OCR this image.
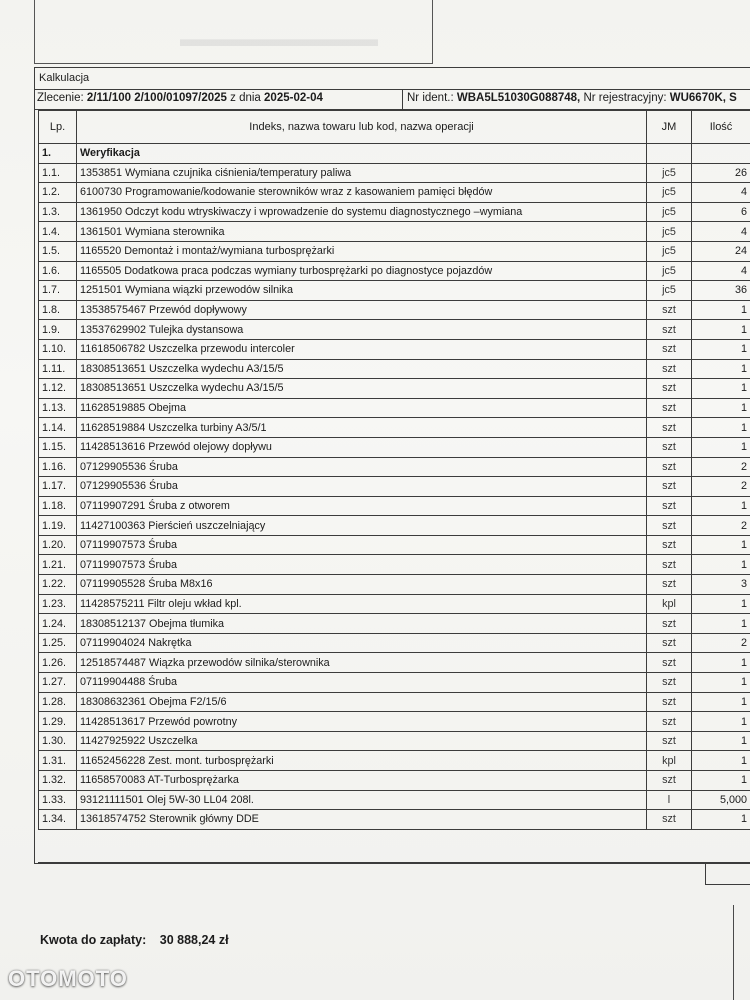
▬▬▬▬▬▬▬▬▬
Kalkulacja
Zlecenie: 2/11/100 2/100/01097/2025 z dnia 2025-02-04	Nr ident.: WBA5L51030G088748, Nr rejestracyjny: WU6670K, S
Lp.	Indeks, nazwa towaru lub kod, nazwa operacji	JM	Ilość
1.	Weryfikacja		
1.1.	1353851 Wymiana czujnika ciśnienia/temperatury paliwa	jc5	26
1.2.	6100730 Programowanie/kodowanie sterowników wraz z kasowaniem pamięci błędów	jc5	4
1.3.	1361950 Odczyt kodu wtryskiwaczy i wprowadzenie do systemu diagnostycznego –wymiana	jc5	6
1.4.	1361501 Wymiana sterownika	jc5	4
1.5.	1165520 Demontaż i montaż/wymiana turbosprężarki	jc5	24
1.6.	1165505 Dodatkowa praca podczas wymiany turbosprężarki po diagnostyce pojazdów	jc5	4
1.7.	1251501 Wymiana wiązki przewodów silnika	jc5	36
1.8.	13538575467 Przewód dopływowy	szt	1
1.9.	13537629902 Tulejka dystansowa	szt	1
1.10.	11618506782 Uszczelka przewodu intercoler	szt	1
1.11.	18308513651 Uszczelka wydechu A3/15/5	szt	1
1.12.	18308513651 Uszczelka wydechu A3/15/5	szt	1
1.13.	11628519885 Obejma	szt	1
1.14.	11628519884 Uszczelka turbiny A3/5/1	szt	1
1.15.	11428513616 Przewód olejowy dopływu	szt	1
1.16.	07129905536 Śruba	szt	2
1.17.	07129905536 Śruba	szt	2
1.18.	07119907291 Śruba z otworem	szt	1
1.19.	11427100363 Pierścień uszczelniający	szt	2
1.20.	07119907573 Śruba	szt	1
1.21.	07119907573 Śruba	szt	1
1.22.	07119905528 Śruba M8x16	szt	3
1.23.	11428575211 Filtr oleju wkład kpl.	kpl	1
1.24.	18308512137 Obejma tłumika	szt	1
1.25.	07119904024 Nakrętka	szt	2
1.26.	12518574487 Wiązka przewodów silnika/sterownika	szt	1
1.27.	07119904488 Śruba	szt	1
1.28.	18308632361 Obejma F2/15/6	szt	1
1.29.	11428513617 Przewód powrotny	szt	1
1.30.	11427925922 Uszczelka	szt	1
1.31.	11652456228 Zest. mont. turbosprężarki	kpl	1
1.32.	11658570083 AT-Turbosprężarka	szt	1
1.33.	93121111501 Olej 5W-30 LL04 208l.	l	5,000
1.34.	13618574752 Sterownik główny DDE	szt	1
Kwota do zapłaty: 30 888,24 zł
OTOMOTO
